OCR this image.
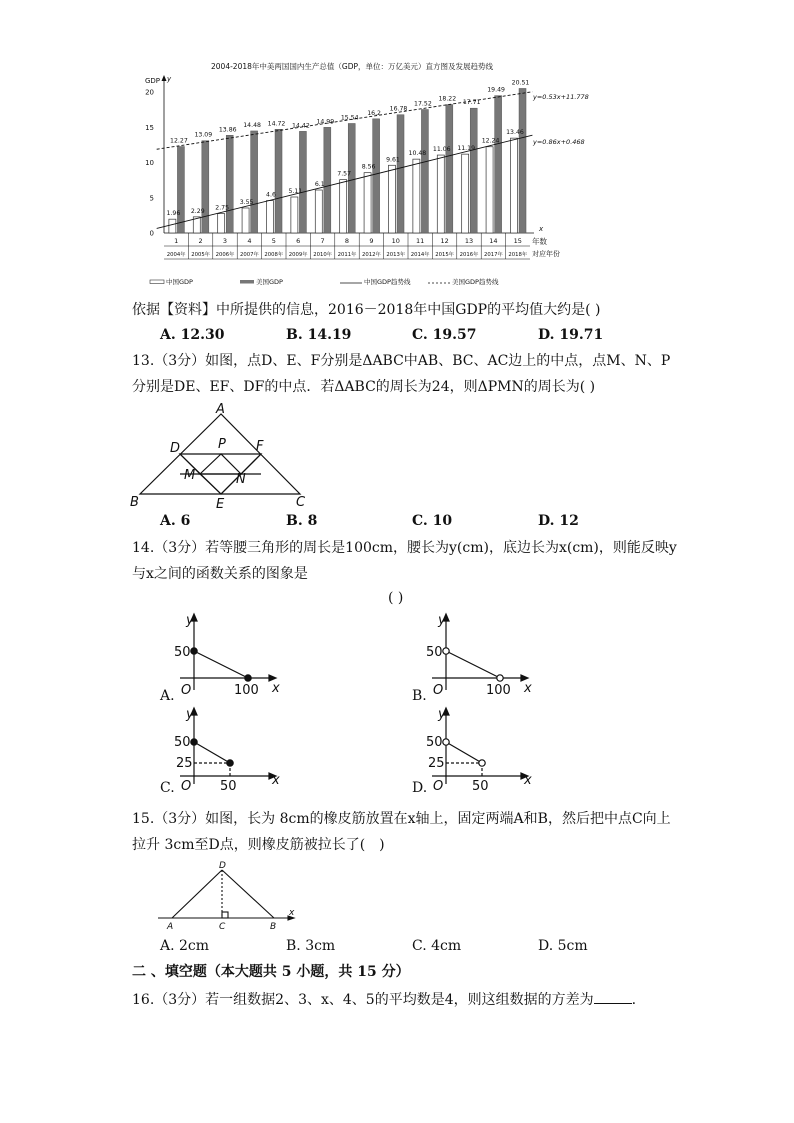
2004-2018年中美两国国内生产总值（GDP，单位：万亿美元）直方图及发展趋势线
GDP y
0
5
10
15
20
x
年数
对应年份
1.96
12.27
1
2004年
2.29
13.09
2
2005年
2.75
13.86
3
2006年
3.55
14.48
4
2007年
4.6
14.72
5
2008年
5.11
14.42
6
2009年
6.1
14.99
7
2010年
7.57
15.54
8
2011年
8.56
16.2
9
2012年
9.61
16.78
10
2013年
10.48
17.52
11
2014年
11.06
18.22
12
2015年
11.19
17.71
13
2016年
12.24
19.49
14
2017年
13.46
20.51
15
2018年
y=0.86x+0.468
y=0.53x+11.778
中国GDP	美国GDP	中国GDP趋势线	美国GDP趋势线
依据【资料】中所提供的信息，2016－2018年中国GDP的平均值大约是( )
A. 12.30	B. 14.19	C. 19.57	D. 19.71
13.（3分）如图，点D、E、F分别是ΔABC中AB、BC、AC边上的中点，点M、N、P
分别是DE、EF、DF的中点．若ΔABC的周长为24，则ΔPMN的周长为( )
A
B	C
D
E
F
M	N
P
A. 6	B. 8	C. 10	D. 12
14.（3分）若等腰三角形的周长是100cm，腰长为y(cm)，底边长为x(cm)，则能反映y
与x之间的函数关系的图象是
( )
y
x
O
50
100
A.
y
x
O
50
100
B.
y
x
O
50
25
50
C.
y
x
O
50
25
50
D.
15.（3分）如图，长为 8cm的橡皮筋放置在x轴上，固定两端A和B，然后把中点C向上
拉升 3cm至D点，则橡皮筋被拉长了(　)
D
A	C	B
x
A. 2cm	B. 3cm	C. 4cm	D. 5cm
二 、填空题（本大题共 5 小题，共 15 分）
16.（3分）若一组数据2、3、x、4、5的平均数是4，则这组数据的方差为	.
